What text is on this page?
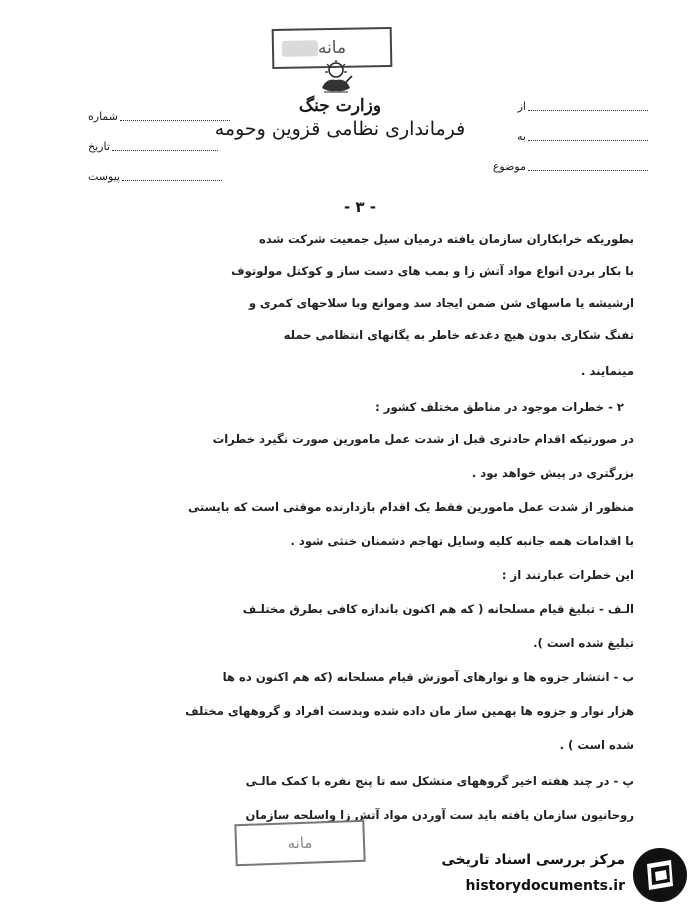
مانه
وزارت جنگ
فرمانداری نظامی قزوین وحومه
شماره
تاریخ
پیوست
از
به
موضوع
- ۳ -
بطوریکه خرابکاران سازمان یافته درمیان سیل جمعیت شرکت شده
با بکار بردن انواع مواد آتش زا و بمب های دست ساز و کوکتل مولوتوف
ازشیشه یا ماسهای شن ضمن ایجاد سد وموانع وبا سلاحهای کمری و
تفنگ شکاری بدون هیچ دغدغه خاطر به یگانهای انتظامی حمله
مینمایند .
۲ - خطرات موجود در مناطق مختلف کشور :
در صورتیکه اقدام حادتری قبل از شدت عمل مامورین صورت نگیرد خطرات
بزرگتری در پیش خواهد بود .
منظور از شدت عمل مامورین فقط یک اقدام بازدارنده موقتی است که بایستی
با اقدامات همه جانبه کلیه وسایل تهاجم دشمنان خنثی شود .
این خطرات عبارتند از :
الـف - تبلیغ قیام مسلحانه ( که هم اکنون باندازه کافی بطرق مختلـف
تبلیغ شده است ).
ب - انتشار جزوه ها و نوارهای آموزش قیام مسلحانه (که هم اکنون ده ها
هزار نوار و جزوه ها بهمین ساز مان داده شده وبدست افراد و گروههای مختلف
شده است ) .
پ - در چند هفته اخیر گروههای متشکل سه تا پنج نفره با کمک مالـی
روحانیون سازمان یافته باید ست آوردن مواد آتش زا واسلحه سازمان
مانه
مرکز بررسی اسناد تاریخی
historydocuments.ir
